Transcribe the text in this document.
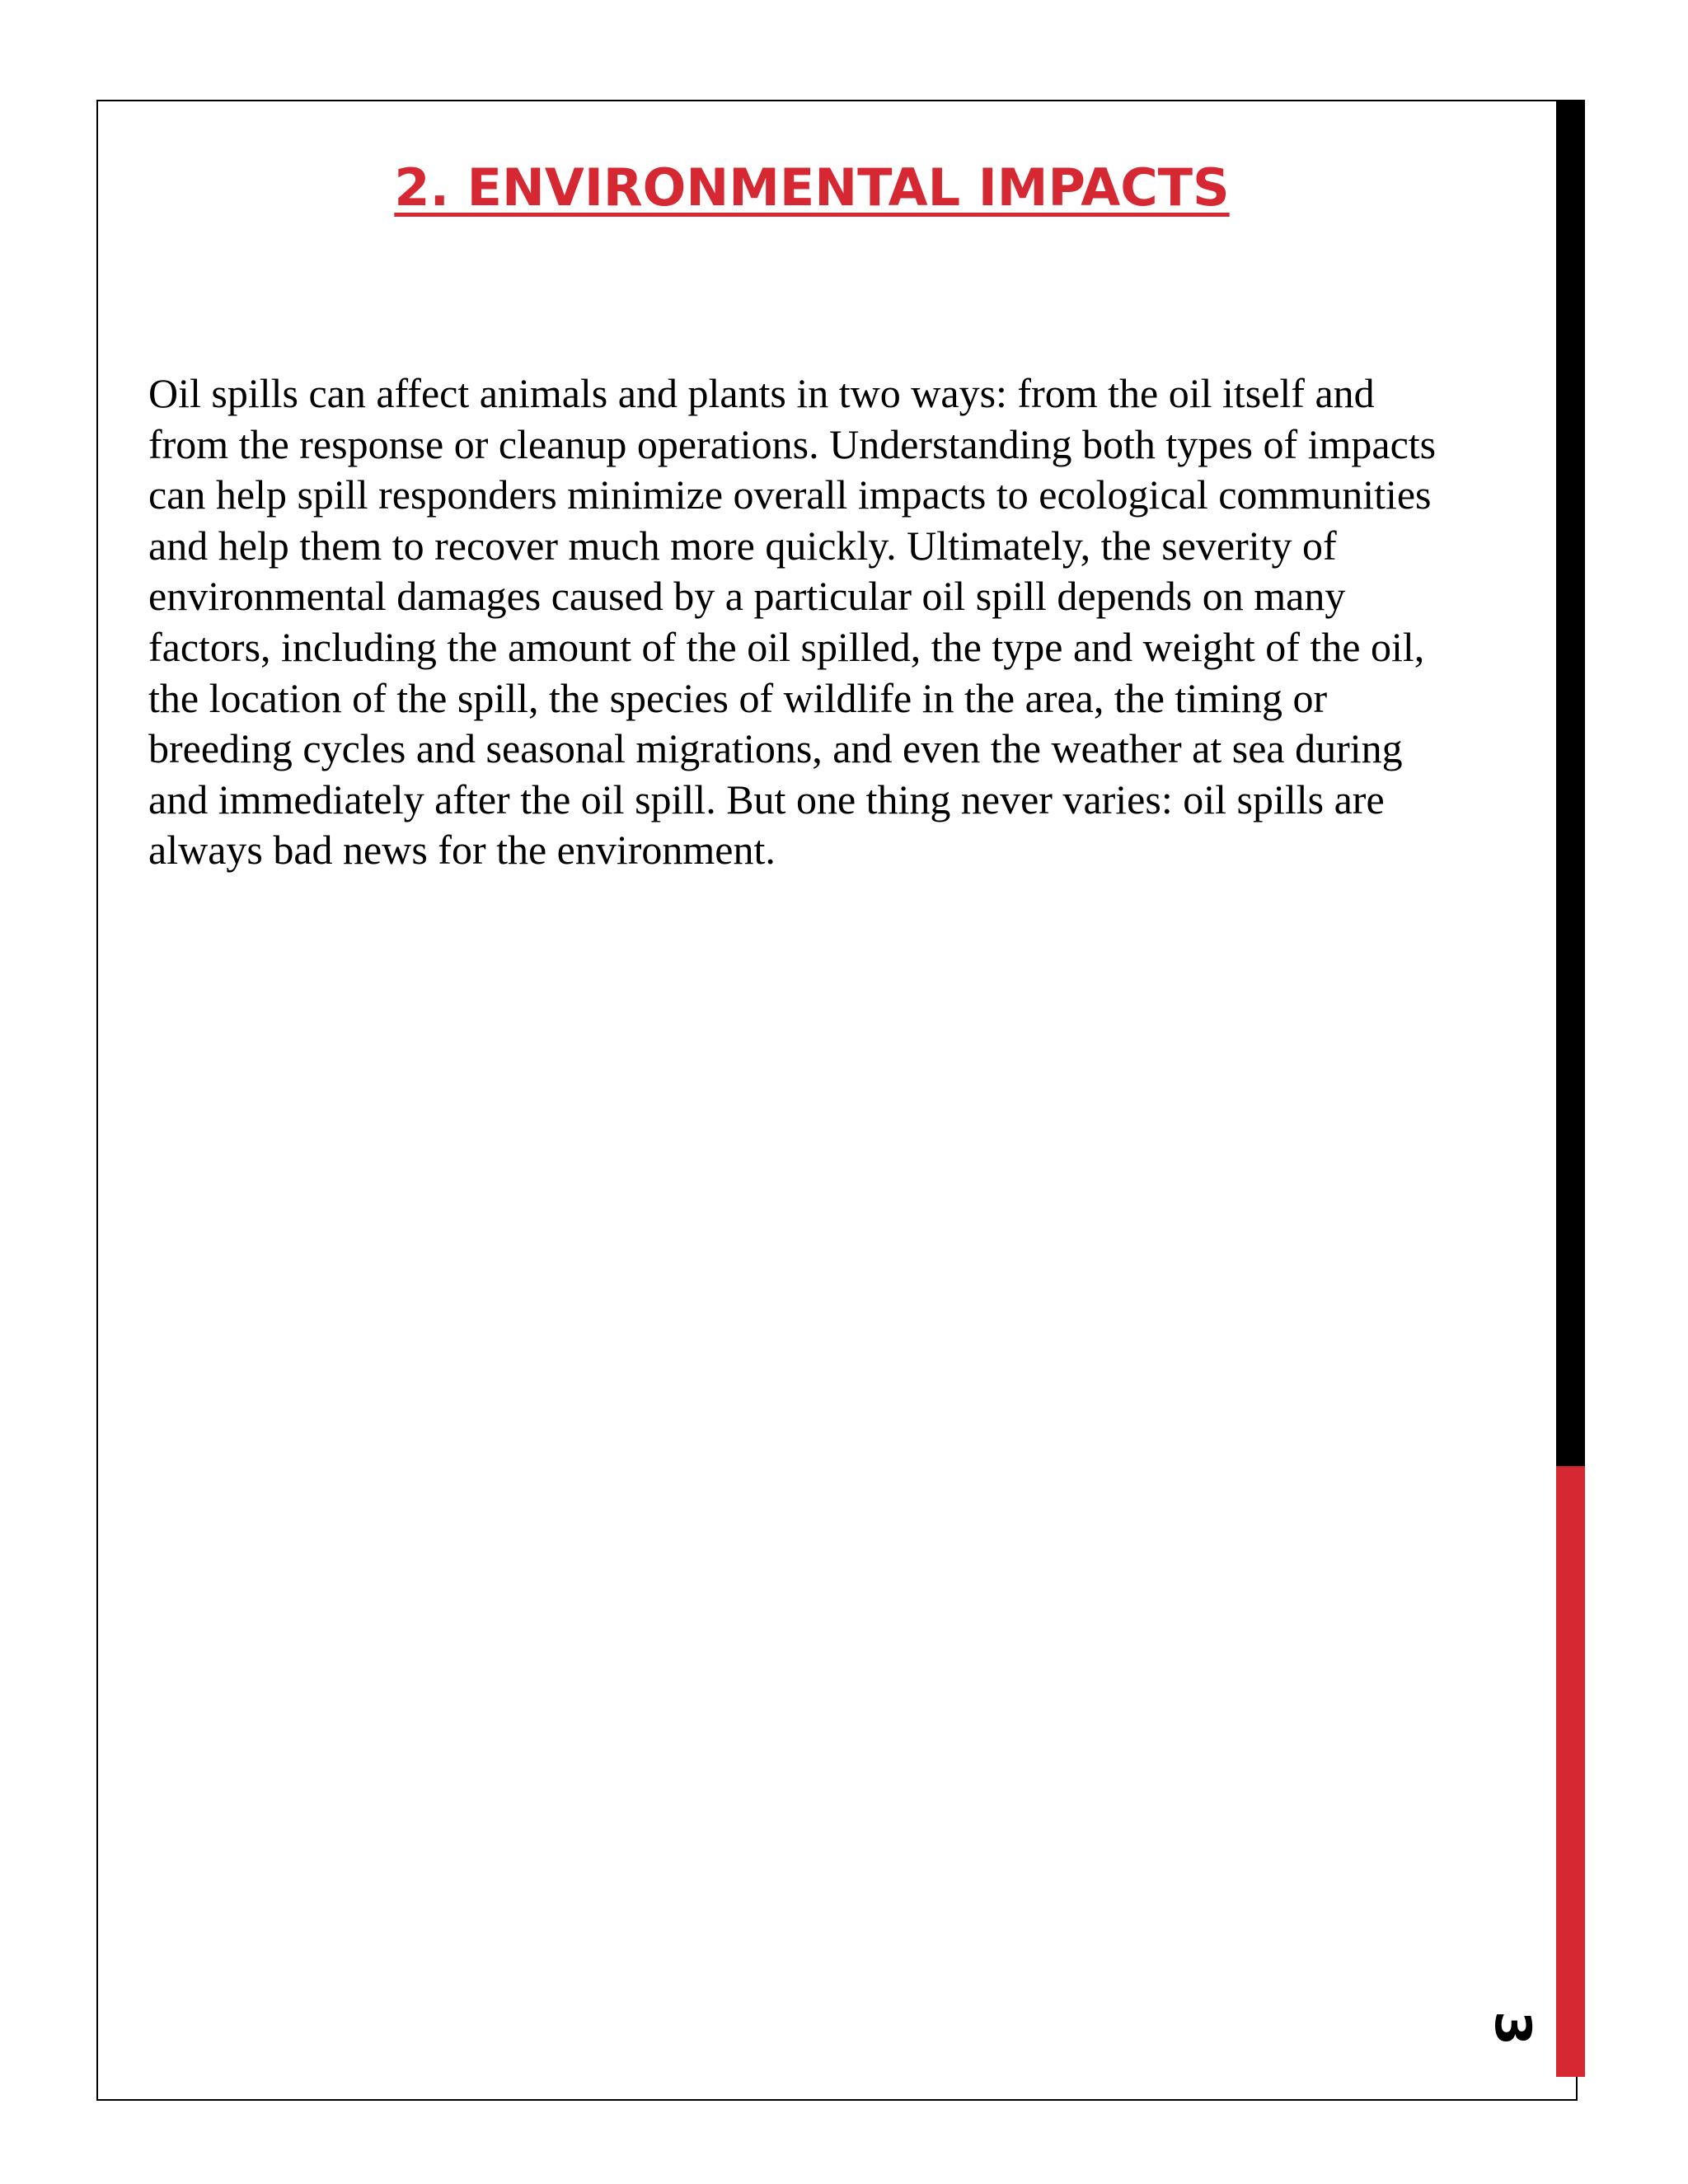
2. ENVIRONMENTAL IMPACTS
Oil spills can affect animals and plants in two ways: from the oil itself and
from the response or cleanup operations. Understanding both types of impacts
can help spill responders minimize overall impacts to ecological communities
and help them to recover much more quickly. Ultimately, the severity of
environmental damages caused by a particular oil spill depends on many
factors, including the amount of the oil spilled, the type and weight of the oil,
the location of the spill, the species of wildlife in the area, the timing or
breeding cycles and seasonal migrations, and even the weather at sea during
and immediately after the oil spill. But one thing never varies: oil spills are
always bad news for the environment.
3
